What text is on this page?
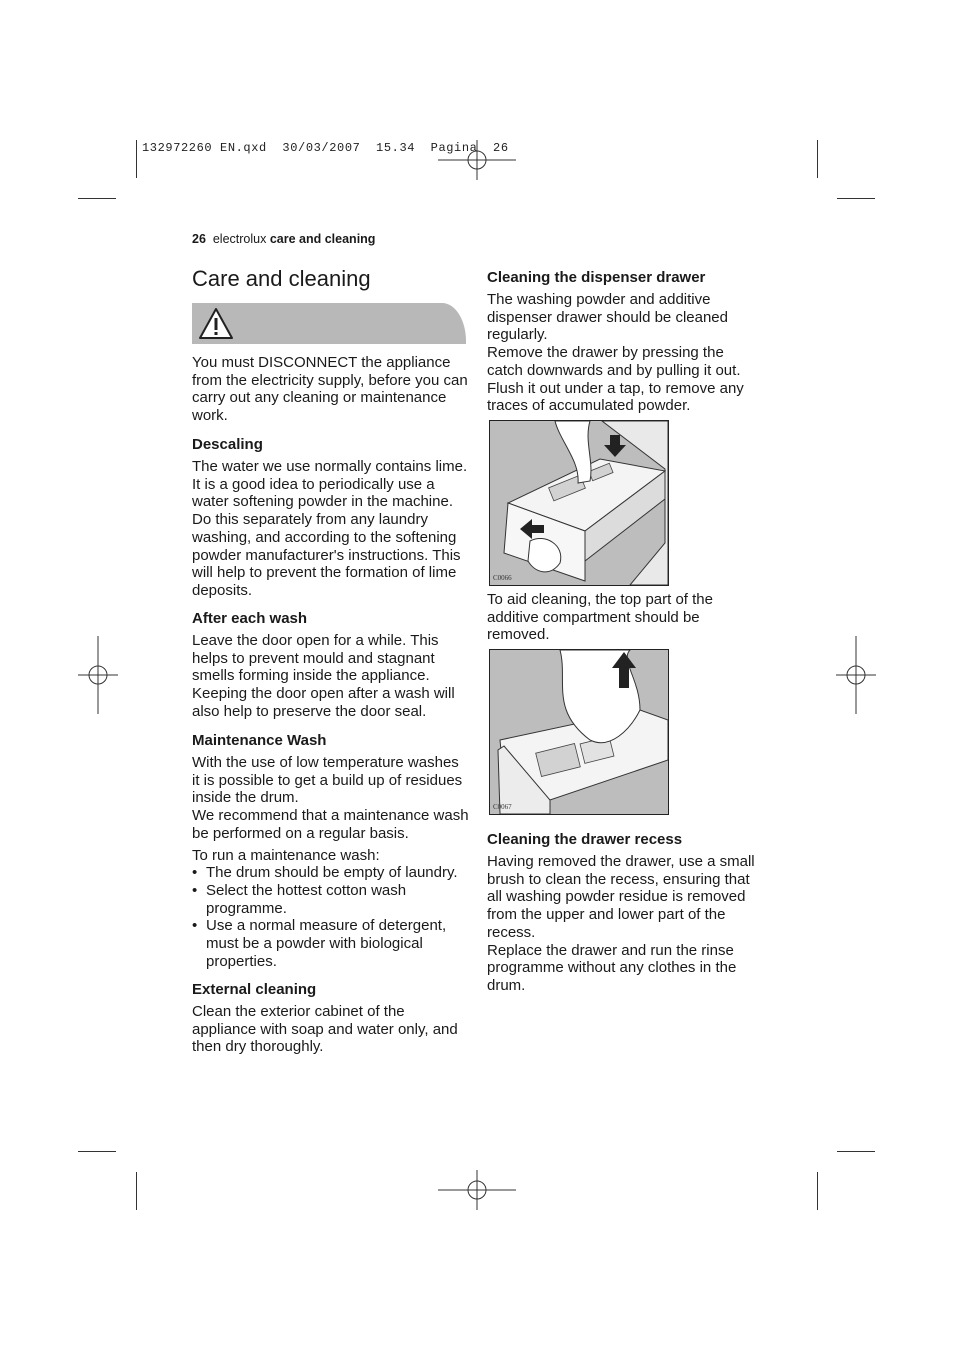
132972260 EN.qxd  30/03/2007  15.34  Pagina  26
26 electrolux care and cleaning
Care and cleaning

You must DISCONNECT the appliance from the electricity supply, before you can carry out any cleaning or maintenance work.

Descaling

The water we use normally contains lime. It is a good idea to periodically use a water softening powder in the machine. Do this separately from any laundry washing, and according to the softening powder manufacturer's instructions. This will help to prevent the formation of lime deposits.

After each wash

Leave the door open for a while. This helps to prevent mould and stagnant smells forming inside the appliance. Keeping the door open after a wash will also help to preserve the door seal.

Maintenance Wash

With the use of low temperature washes it is possible to get a build up of residues inside the drum.

We recommend that a maintenance wash be performed on a regular basis.

To run a maintenance wash:

• The drum should be empty of laundry.
• Select the hottest cotton wash programme.
• Use a normal measure of detergent, must be a powder with biological properties.
External cleaning

Clean the exterior cabinet of the appliance with soap and water only, and then dry thoroughly.

Cleaning the dispenser drawer

The washing powder and additive dispenser drawer should be cleaned regularly.

Remove the drawer by pressing the catch downwards and by pulling it out. Flush it out under a tap, to remove any traces of accumulated powder.

C0066

To aid cleaning, the top part of the additive compartment should be removed.

C0067
Cleaning the drawer recess

Having removed the drawer, use a small brush to clean the recess, ensuring that all washing powder residue is removed from the upper and lower part of the recess.

Replace the drawer and run the rinse programme without any clothes in the drum.
